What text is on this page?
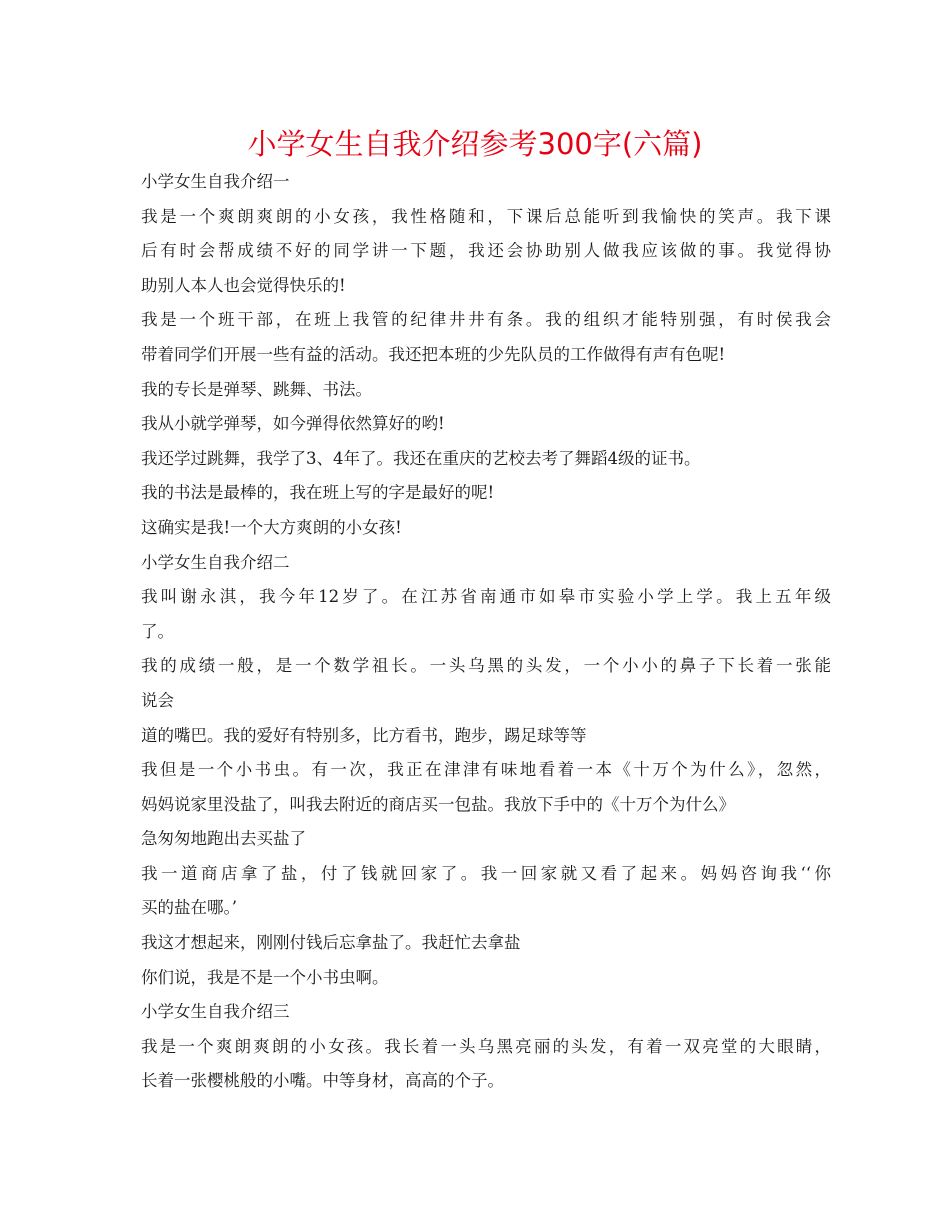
小学女生自我介绍参考300字(六篇)
小学女生自我介绍一
我是一个爽朗爽朗的小女孩，我性格随和，下课后总能听到我愉快的笑声。我下课
后有时会帮成绩不好的同学讲一下题，我还会协助别人做我应该做的事。我觉得协
助别人本人也会觉得快乐的!
我是一个班干部，在班上我管的纪律井井有条。我的组织才能特别强，有时侯我会
带着同学们开展一些有益的活动。我还把本班的少先队员的工作做得有声有色呢!
我的专长是弹琴、跳舞、书法。
我从小就学弹琴，如今弹得依然算好的哟!
我还学过跳舞，我学了3、4年了。我还在重庆的艺校去考了舞蹈4级的证书。
我的书法是最棒的，我在班上写的字是最好的呢!
这确实是我!一个大方爽朗的小女孩!
小学女生自我介绍二
我叫谢永淇，我今年12岁了。在江苏省南通市如皋市实验小学上学。我上五年级
了。
我的成绩一般，是一个数学祖长。一头乌黑的头发，一个小小的鼻子下长着一张能
说会
道的嘴巴。我的爱好有特别多，比方看书，跑步，踢足球等等
我但是一个小书虫。有一次，我正在津津有味地看着一本《十万个为什么》，忽然，
妈妈说家里没盐了，叫我去附近的商店买一包盐。我放下手中的《十万个为什么》
急匆匆地跑出去买盐了
我一道商店拿了盐，付了钱就回家了。我一回家就又看了起来。妈妈咨询我‘‘你
买的盐在哪。’
我这才想起来，刚刚付钱后忘拿盐了。我赶忙去拿盐
你们说，我是不是一个小书虫啊。
小学女生自我介绍三
我是一个爽朗爽朗的小女孩。我长着一头乌黑亮丽的头发，有着一双亮堂的大眼睛，
长着一张樱桃般的小嘴。中等身材，高高的个子。
